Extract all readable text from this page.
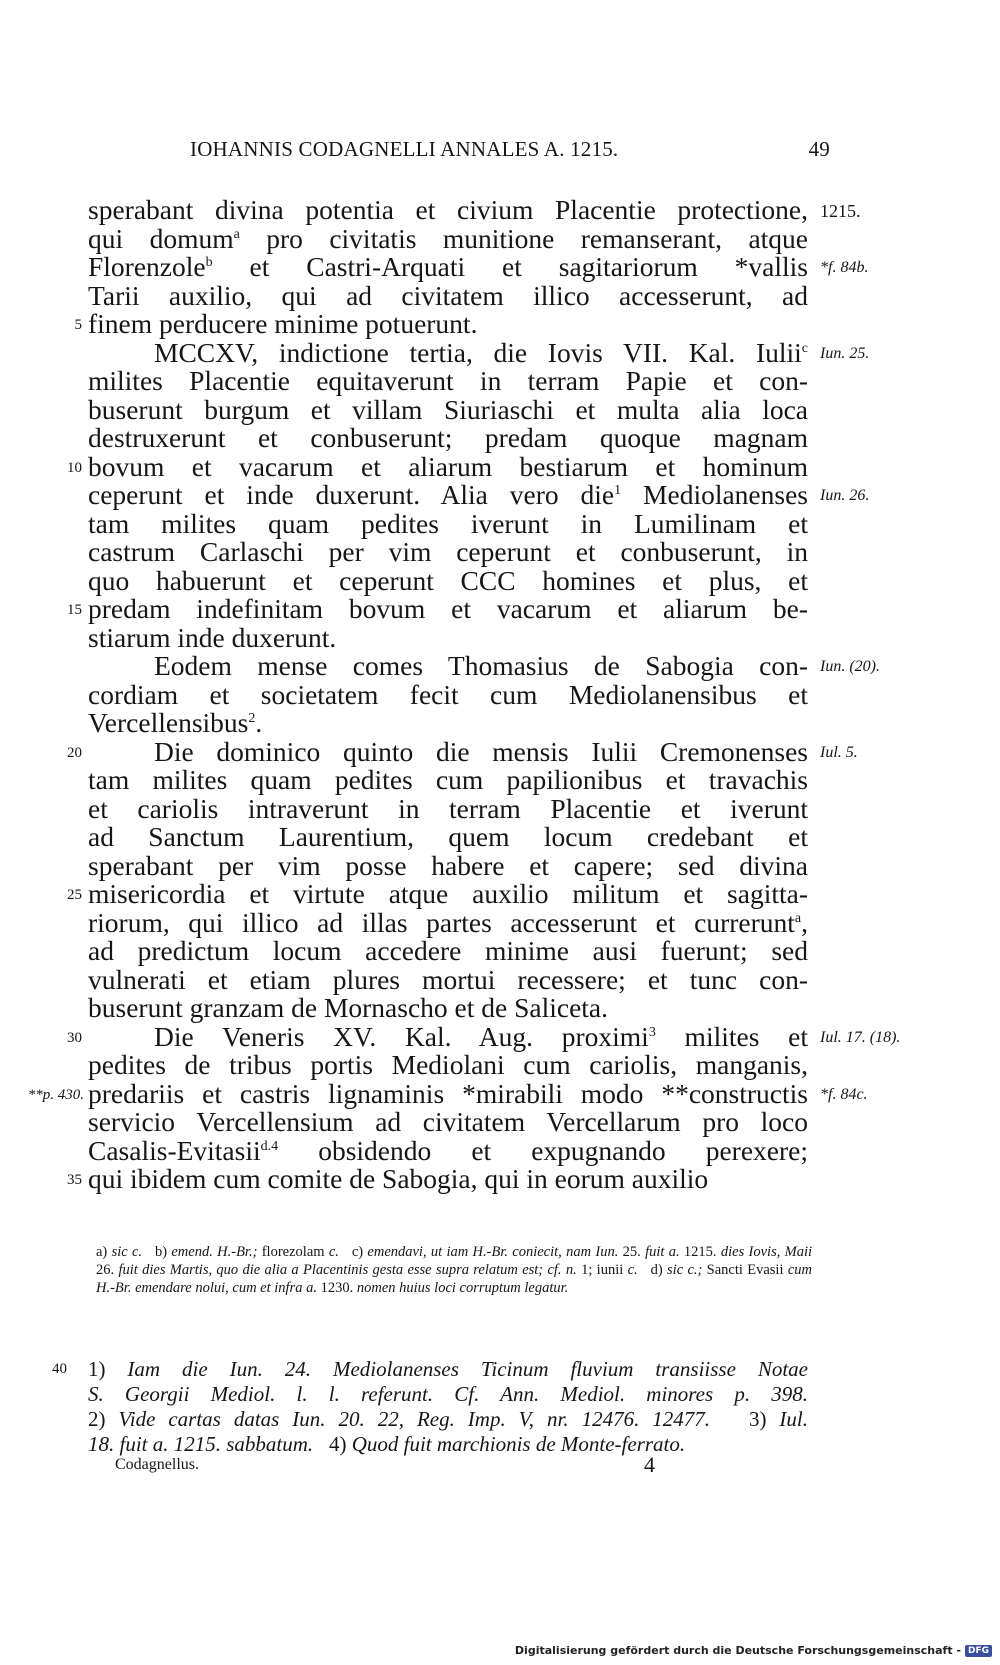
IOHANNIS CODAGNELLI ANNALES A. 1215.	49
sperabant divina potentia et civium Placentie protectione, 1215.
qui domum$^a$ pro civitatis munitione remanserant, atque
Florenzole$^b$ et Castri-Arquati et sagitariorum *vallis *f. 84b.
Tarii auxilio, qui ad civitatem illico accesserunt, ad
finem perducere minime potuerunt.
5
MCCXV, indictione tertia, die Iovis VII. Kal. Iulii$^c$ Iun. 25.
milites Placentie equitaverunt in terram Papie et con-
buserunt burgum et villam Siuriaschi et multa alia loca
destruxerunt et conbuserunt; predam quoque magnam
bovum et vacarum et aliarum bestiarum et hominum
10
ceperunt et inde duxerunt. Alia vero die$^1$ Mediolanenses Iun. 26.
tam milites quam pedites iverunt in Lumilinam et
castrum Carlaschi per vim ceperunt et conbuserunt, in
quo habuerunt et ceperunt CCC homines et plus, et
predam indefinitam bovum et vacarum et aliarum be-
15
stiarum inde duxerunt.
Eodem mense comes Thomasius de Sabogia con- Iun. (20).
cordiam et societatem fecit cum Mediolanensibus et
Vercellensibus$^2$.
Die dominico quinto die mensis Iulii Cremonenses
20	Iul. 5.
tam milites quam pedites cum papilionibus et travachis
et cariolis intraverunt in terram Placentie et iverunt
ad Sanctum Laurentium, quem locum credebant et
sperabant per vim posse habere et capere; sed divina
misericordia et virtute atque auxilio militum et sagitta-
25
riorum, qui illico ad illas partes accesserunt et currerunt$^a$,
ad predictum locum accedere minime ausi fuerunt; sed
vulnerati et etiam plures mortui recessere; et tunc con-
buserunt granzam de Mornascho et de Saliceta.
Die Veneris XV. Kal. Aug. proximi$^3$ milites et
30	Iul. 17. (18).
pedites de tribus portis Mediolani cum cariolis, manganis,
predariis et castris lignaminis *mirabili modo **constructis
**p. 430.	*f. 84c.
servicio Vercellensium ad civitatem Vercellarum pro loco
Casalis-Evitasii$^{d.4}$ obsidendo et expugnando perexere;
qui ibidem cum comite de Sabogia, qui in eorum auxilio
35
a) sic c.   b) emend. H.-Br.; florezolam c.   c) emendavi, ut iam H.-Br. coniecit, nam Iun. 25. fuit a. 1215. dies Iovis, Maii 26. fuit dies Martis, quo die alia a Placentinis gesta esse supra relatum est; cf. n. 1; iunii c.   d) sic c.; Sancti Evasii cum H.-Br. emendare nolui, cum et infra a. 1230. nomen huius loci corruptum legatur.
1) Iam die Iun. 24. Mediolanenses Ticinum fluvium transiisse Notae
40
S. Georgii Mediol. l. l. referunt. Cf. Ann. Mediol. minores p. 398.
2) Vide cartas datas Iun. 20. 22, Reg. Imp. V, nr. 12476. 12477.   3) Iul.
18. fuit a. 1215. sabbatum.   4) Quod fuit marchionis de Monte-ferrato.
Codagnellus.	4
Digitalisierung gefördert durch die Deutsche Forschungsgemeinschaft - DFG
